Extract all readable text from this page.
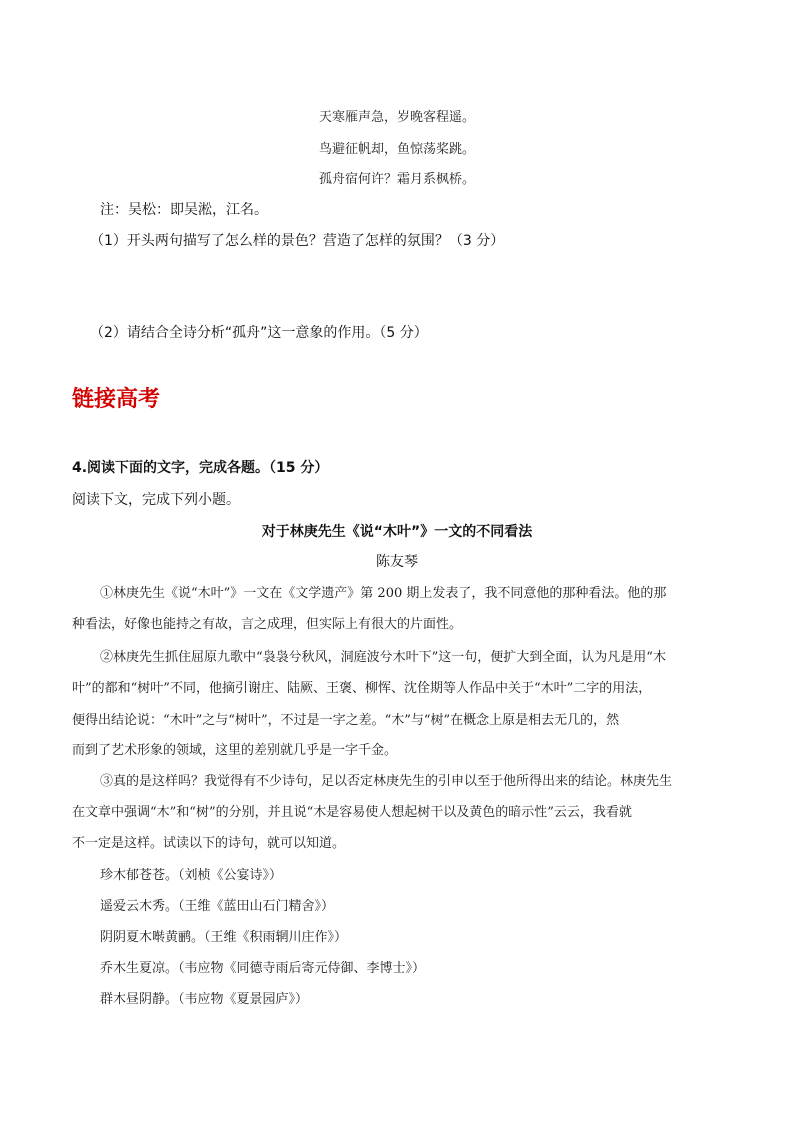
天寒雁声急，岁晚客程遥。
鸟避征帆却，鱼惊荡桨跳。
孤舟宿何许？霜月系枫桥。
注：吴松：即吴淞，江名。
（1）开头两句描写了怎么样的景色？营造了怎样的氛围？（3 分）
（2）请结合全诗分析“孤舟”这一意象的作用。（5 分）
链接高考
4.阅读下面的文字，完成各题。（15 分）
阅读下文，完成下列小题。
对于林庚先生《说“木叶”》一文的不同看法
陈友琴
①林庚先生《说“木叶”》一文在《文学遗产》第 200 期上发表了，我不同意他的那种看法。他的那
种看法，好像也能持之有故，言之成理，但实际上有很大的片面性。
②林庚先生抓住屈原九歌中“袅袅兮秋风，洞庭波兮木叶下”这一句，便扩大到全面，认为凡是用“木
叶”的都和“树叶”不同，他摘引谢庄、陆厥、王褒、柳恽、沈佺期等人作品中关于“木叶”二字的用法，
便得出结论说：“木叶”之与“树叶”，不过是一字之差。“木”与“树”在概念上原是相去无几的，然
而到了艺术形象的领域，这里的差别就几乎是一字千金。
③真的是这样吗？我觉得有不少诗句，足以否定林庚先生的引申以至于他所得出来的结论。林庚先生
在文章中强调“木”和“树”的分别，并且说“木是容易使人想起树干以及黄色的暗示性”云云，我看就
不一定是这样。试读以下的诗句，就可以知道。
珍木郁苍苍。（刘桢《公宴诗》）
遥爱云木秀。（王维《蓝田山石门精舍》）
阴阴夏木啭黄鹂。（王维《积雨辋川庄作》）
乔木生夏凉。（韦应物《同德寺雨后寄元侍御、李博士》）
群木昼阴静。（韦应物《夏景园庐》）
